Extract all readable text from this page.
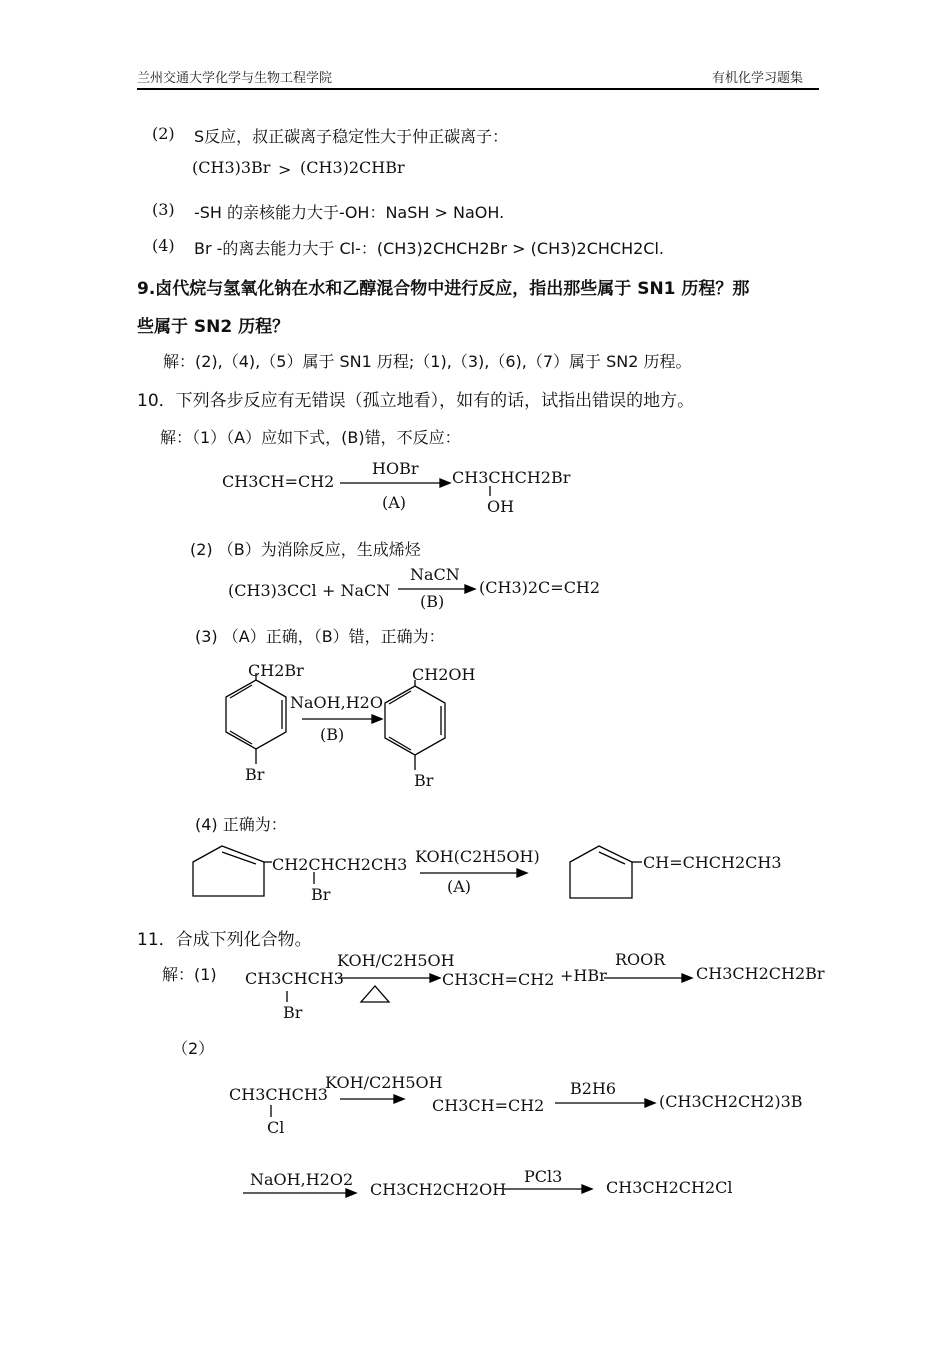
兰州交通大学化学与生物工程学院	有机化学习题集
(2) S反应，叔正碳离子稳定性大于仲正碳离子：
(CH3)3Br > (CH3)2CHBr
(3) -SH 的亲核能力大于-OH：NaSH > NaOH.
(4) Br -的离去能力大于 Cl-：(CH3)2CHCH2Br > (CH3)2CHCH2Cl.
9.卤代烷与氢氧化钠在水和乙醇混合物中进行反应，指出那些属于 SN1 历程？那
些属于 SN2 历程？
解：(2),（4),（5）属于 SN1 历程;（1),（3),（6),（7）属于 SN2 历程。
10．下列各步反应有无错误（孤立地看），如有的话，试指出错误的地方。
解：（1）（A）应如下式，(B)错，不反应：
CH3CH=CH2
HOBr
(A)
CH3CHCH2Br
OH
(2) （B）为消除反应，生成烯烃
(CH3)3CCl + NaCN
NaCN
(B)
(CH3)2C=CH2
(3) （A）正确，（B）错，正确为：
CH2Br
Br
NaOH,H2O
(B)
CH2OH
Br
(4) 正确为：
CH2CHCH2CH3
Br
KOH(C2H5OH)
(A)
CH=CHCH2CH3
11．合成下列化合物。
解：(1) CH3CHCH3
Br
KOH/C2H5OH
CH3CH=CH2 +HBr
ROOR
CH3CH2CH2Br
（2）
CH3CHCH3
Cl
KOH/C2H5OH
CH3CH=CH2
B2H6
(CH3CH2CH2)3B
NaOH,H2O2
CH3CH2CH2OH
PCl3
CH3CH2CH2Cl
